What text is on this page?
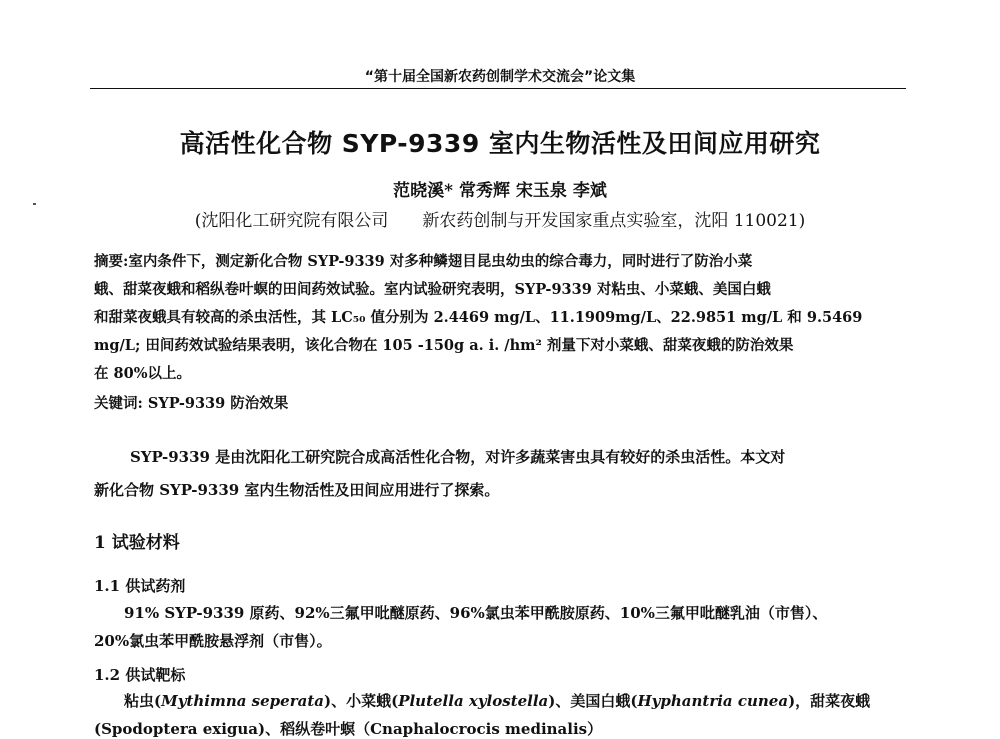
“第十届全国新农药创制学术交流会”论文集
高活性化合物 SYP-9339 室内生物活性及田间应用研究
范晓溪* 常秀辉 宋玉泉 李斌
(沈阳化工研究院有限公司　　新农药创制与开发国家重点实验室，沈阳 110021)
摘要:室内条件下，测定新化合物 SYP-9339 对多种鳞翅目昆虫幼虫的综合毒力，同时进行了防治小菜
蛾、甜菜夜蛾和稻纵卷叶螟的田间药效试验。室内试验研究表明，SYP-9339 对粘虫、小菜蛾、美国白蛾
和甜菜夜蛾具有较高的杀虫活性，其 LC₅₀ 值分别为 2.4469 mg/L、11.1909mg/L、22.9851 mg/L 和 9.5469
mg/L; 田间药效试验结果表明，该化合物在 105 -150g a. i. /hm² 剂量下对小菜蛾、甜菜夜蛾的防治效果
在 80%以上。
关键词: SYP-9339 防治效果
SYP-9339 是由沈阳化工研究院合成高活性化合物，对许多蔬菜害虫具有较好的杀虫活性。本文对
新化合物 SYP-9339 室内生物活性及田间应用进行了探索。
1 试验材料
1.1 供试药剂
91% SYP-9339 原药、92%三氟甲吡醚原药、96%氯虫苯甲酰胺原药、10%三氟甲吡醚乳油（市售）、
20%氯虫苯甲酰胺悬浮剂（市售）。
1.2 供试靶标
粘虫(Mythimna seperata)、小菜蛾(Plutella xylostella)、美国白蛾(Hyphantria cunea)，甜菜夜蛾
(Spodoptera exigua)、稻纵卷叶螟（Cnaphalocrocis medinalis）
